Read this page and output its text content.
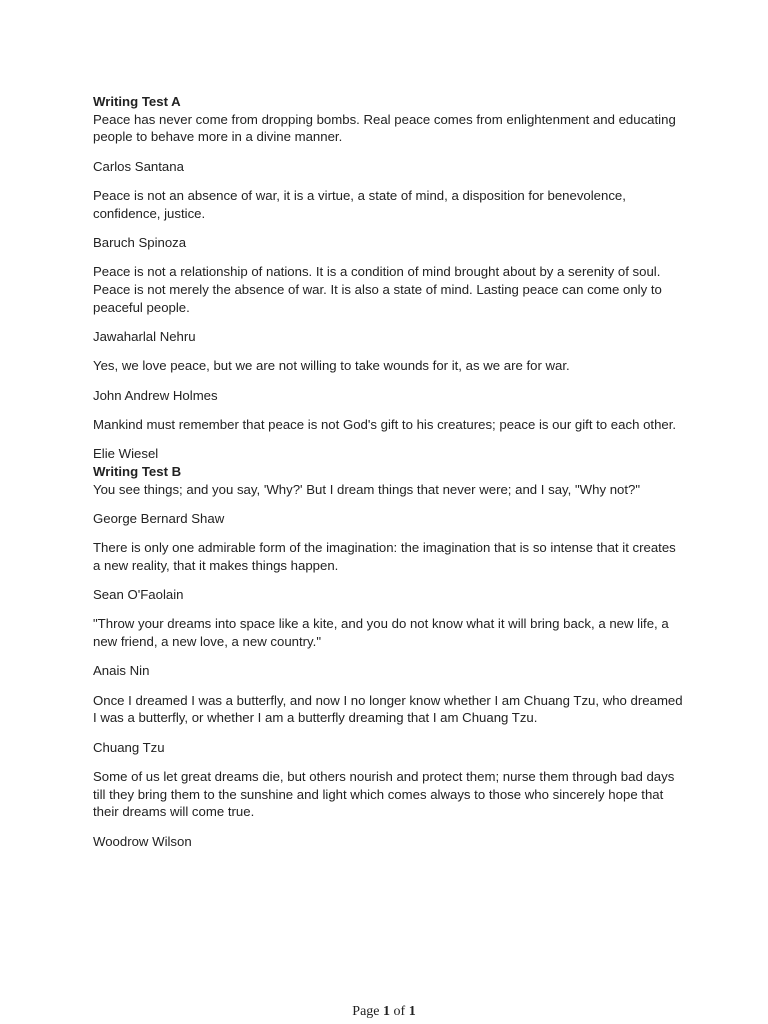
Writing Test A

Peace has never come from dropping bombs. Real peace comes from enlightenment and educating people to behave more in a divine manner.

Carlos Santana

Peace is not an absence of war, it is a virtue, a state of mind, a disposition for benevolence, confidence, justice.

Baruch Spinoza

Peace is not a relationship of nations. It is a condition of mind brought about by a serenity of soul. Peace is not merely the absence of war. It is also a state of mind. Lasting peace can come only to peaceful people.

Jawaharlal Nehru

Yes, we love peace, but we are not willing to take wounds for it, as we are for war.

John Andrew Holmes

Mankind must remember that peace is not God's gift to his creatures; peace is our gift to each other.

Elie Wiesel

Writing Test B

You see things; and you say, 'Why?' But I dream things that never were; and I say, "Why not?"

George Bernard Shaw

There is only one admirable form of the imagination: the imagination that is so intense that it creates a new reality, that it makes things happen.

Sean O'Faolain

"Throw your dreams into space like a kite, and you do not know what it will bring back, a new life, a new friend, a new love, a new country."

Anais Nin

Once I dreamed I was a butterfly, and now I no longer know whether I am Chuang Tzu, who dreamed I was a butterfly, or whether I am a butterfly dreaming that I am Chuang Tzu.

Chuang Tzu

Some of us let great dreams die, but others nourish and protect them; nurse them through bad days till they bring them to the sunshine and light which comes always to those who sincerely hope that their dreams will come true.

Woodrow Wilson

Page 1 of 1
